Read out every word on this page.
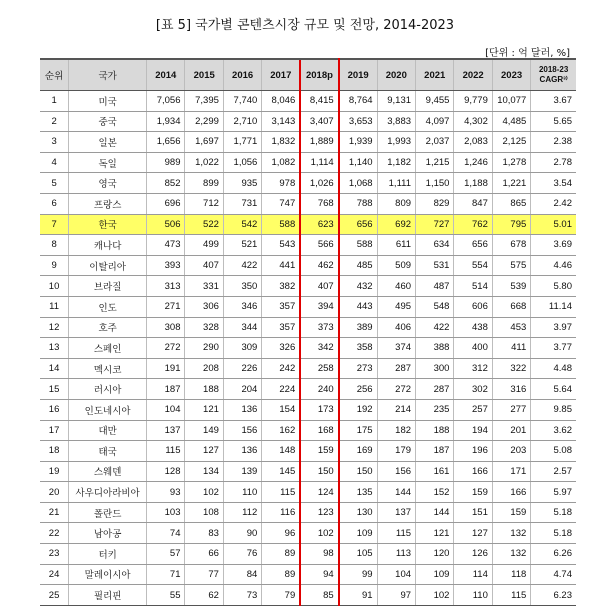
[표 5] 국가별 콘텐츠시장 규모 및 전망, 2014-2023
[단위 : 억 달러, %]
순위	국가	2014	2015	2016	2017	2018p	2019	2020	2021	2022	2023	2018-23
CAGR³⁾

1	미국	7,056	7,395	7,740	8,046	8,415	8,764	9,131	9,455	9,779	10,077	3.67
2	중국	1,934	2,299	2,710	3,143	3,407	3,653	3,883	4,097	4,302	4,485	5.65
3	일본	1,656	1,697	1,771	1,832	1,889	1,939	1,993	2,037	2,083	2,125	2.38
4	독일	989	1,022	1,056	1,082	1,114	1,140	1,182	1,215	1,246	1,278	2.78
5	영국	852	899	935	978	1,026	1,068	1,111	1,150	1,188	1,221	3.54
6	프랑스	696	712	731	747	768	788	809	829	847	865	2.42
7	한국	506	522	542	588	623	656	692	727	762	795	5.01
8	캐나다	473	499	521	543	566	588	611	634	656	678	3.69
9	이탈리아	393	407	422	441	462	485	509	531	554	575	4.46
10	브라질	313	331	350	382	407	432	460	487	514	539	5.80
11	인도	271	306	346	357	394	443	495	548	606	668	11.14
12	호주	308	328	344	357	373	389	406	422	438	453	3.97
13	스페인	272	290	309	326	342	358	374	388	400	411	3.77
14	멕시코	191	208	226	242	258	273	287	300	312	322	4.48
15	러시아	187	188	204	224	240	256	272	287	302	316	5.64
16	인도네시아	104	121	136	154	173	192	214	235	257	277	9.85
17	대만	137	149	156	162	168	175	182	188	194	201	3.62
18	태국	115	127	136	148	159	169	179	187	196	203	5.08
19	스웨덴	128	134	139	145	150	150	156	161	166	171	2.57
20	사우디아라비아	93	102	110	115	124	135	144	152	159	166	5.97
21	폴란드	103	108	112	116	123	130	137	144	151	159	5.18
22	남아공	74	83	90	96	102	109	115	121	127	132	5.18
23	터키	57	66	76	89	98	105	113	120	126	132	6.26
24	말레이시아	71	77	84	89	94	99	104	109	114	118	4.74
25	필리핀	55	62	73	79	85	91	97	102	110	115	6.23
